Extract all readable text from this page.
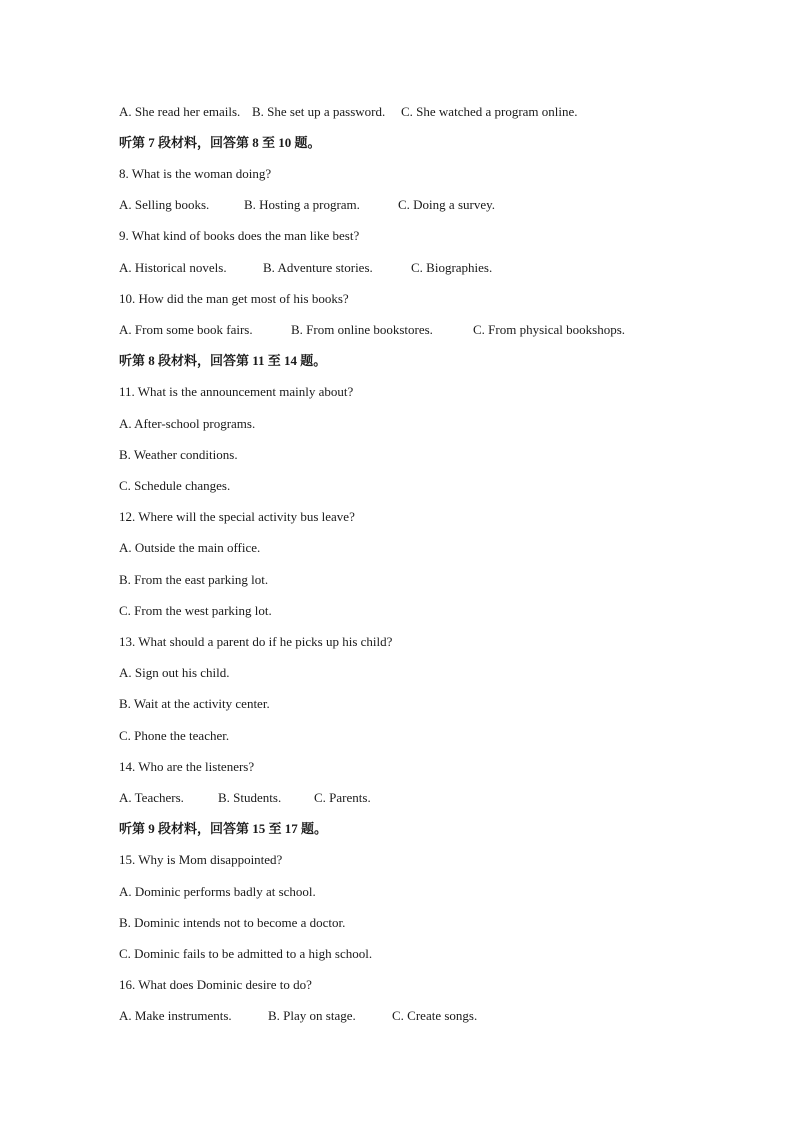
A. She read her emails. B. She set up a password. C. She watched a program online.
听第 7 段材料，回答第 8 至 10 题。
8. What is the woman doing?
A. Selling books.	B. Hosting a program.	C. Doing a survey.
9. What kind of books does the man like best?
A. Historical novels.	B. Adventure stories.	C. Biographies.
10. How did the man get most of his books?
A. From some book fairs.	B. From online bookstores.	C. From physical bookshops.
听第 8 段材料，回答第 11 至 14 题。
11. What is the announcement mainly about?
A. After-school programs.
B. Weather conditions.
C. Schedule changes.
12. Where will the special activity bus leave?
A. Outside the main office.
B. From the east parking lot.
C. From the west parking lot.
13. What should a parent do if he picks up his child?
A. Sign out his child.
B. Wait at the activity center.
C. Phone the teacher.
14. Who are the listeners?
A. Teachers.	B. Students.	C. Parents.
听第 9 段材料，回答第 15 至 17 题。
15. Why is Mom disappointed?
A. Dominic performs badly at school.
B. Dominic intends not to become a doctor.
C. Dominic fails to be admitted to a high school.
16. What does Dominic desire to do?
A. Make instruments.	B. Play on stage.	C. Create songs.
